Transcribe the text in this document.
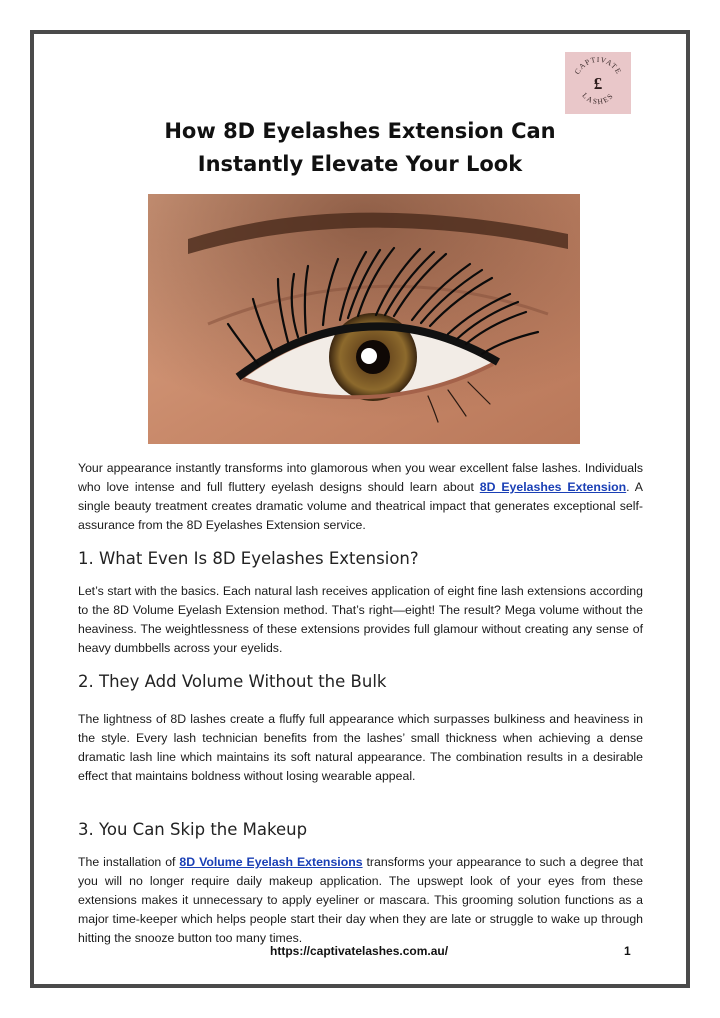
CAPTIVATE
LASHES
£
How 8D Eyelashes Extension Can Instantly Elevate Your Look
Your appearance instantly transforms into glamorous when you wear excellent false lashes. Individuals who love intense and full fluttery eyelash designs should learn about 8D Eyelashes Extension. A single beauty treatment creates dramatic volume and theatrical impact that generates exceptional self-assurance from the 8D Eyelashes Extension service.
1. What Even Is 8D Eyelashes Extension?
Let’s start with the basics. Each natural lash receives application of eight fine lash extensions according to the 8D Volume Eyelash Extension method. That’s right—eight! The result? Mega volume without the heaviness. The weightlessness of these extensions provides full glamour without creating any sense of heavy dumbbells across your eyelids.
2. They Add Volume Without the Bulk
The lightness of 8D lashes create a fluffy full appearance which surpasses bulkiness and heaviness in the style. Every lash technician benefits from the lashes’ small thickness when achieving a dense dramatic lash line which maintains its soft natural appearance. The combination results in a desirable effect that maintains boldness without losing wearable appeal.
3. You Can Skip the Makeup
The installation of 8D Volume Eyelash Extensions transforms your appearance to such a degree that you will no longer require daily makeup application. The upswept look of your eyes from these extensions makes it unnecessary to apply eyeliner or mascara. This grooming solution functions as a major time-keeper which helps people start their day when they are late or struggle to wake up through hitting the snooze button too many times.
https://captivatelashes.com.au/	1
